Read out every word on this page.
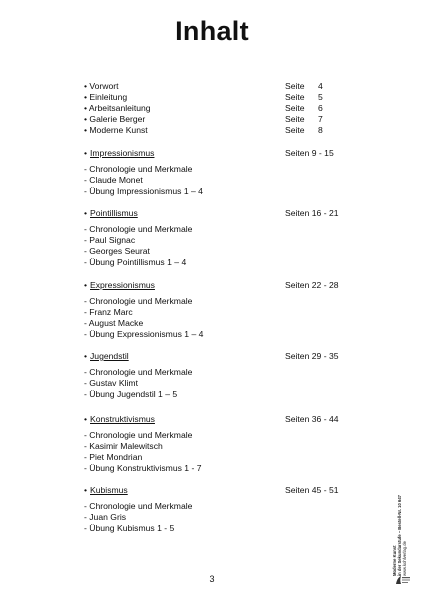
Inhalt
• Vorwort	Seite 4
• Einleitung	Seite 5
• Arbeitsanleitung	Seite 6
• Galerie Berger	Seite 7
• Moderne Kunst	Seite 8
• Impressionismus	Seiten 9 - 15
- Chronologie und Merkmale
- Claude Monet
- Übung Impressionismus 1 – 4
• Pointillismus	Seiten 16 - 21
- Chronologie und Merkmale
- Paul Signac
- Georges Seurat
- Übung Pointillismus 1 – 4
• Expressionismus	Seiten 22 - 28
- Chronologie und Merkmale
- Franz Marc
- August Macke
- Übung Expressionismus 1 – 4
• Jugendstil	Seiten 29 - 35
- Chronologie und Merkmale
- Gustav Klimt
- Übung Jugendstil 1 – 5
• Konstruktivismus	Seiten 36 - 44
- Chronologie und Merkmale
- Kasimir Malewitsch
- Piet Mondrian
- Übung Konstruktivismus 1 - 7
• Kubismus	Seiten 45 - 51
- Chronologie und Merkmale
- Juan Gris
- Übung Kubismus 1 - 5
3
Moderne Kunst in der Sekundarstufe – Bestell-Nr. 10 647 www.kohlverlag.de
